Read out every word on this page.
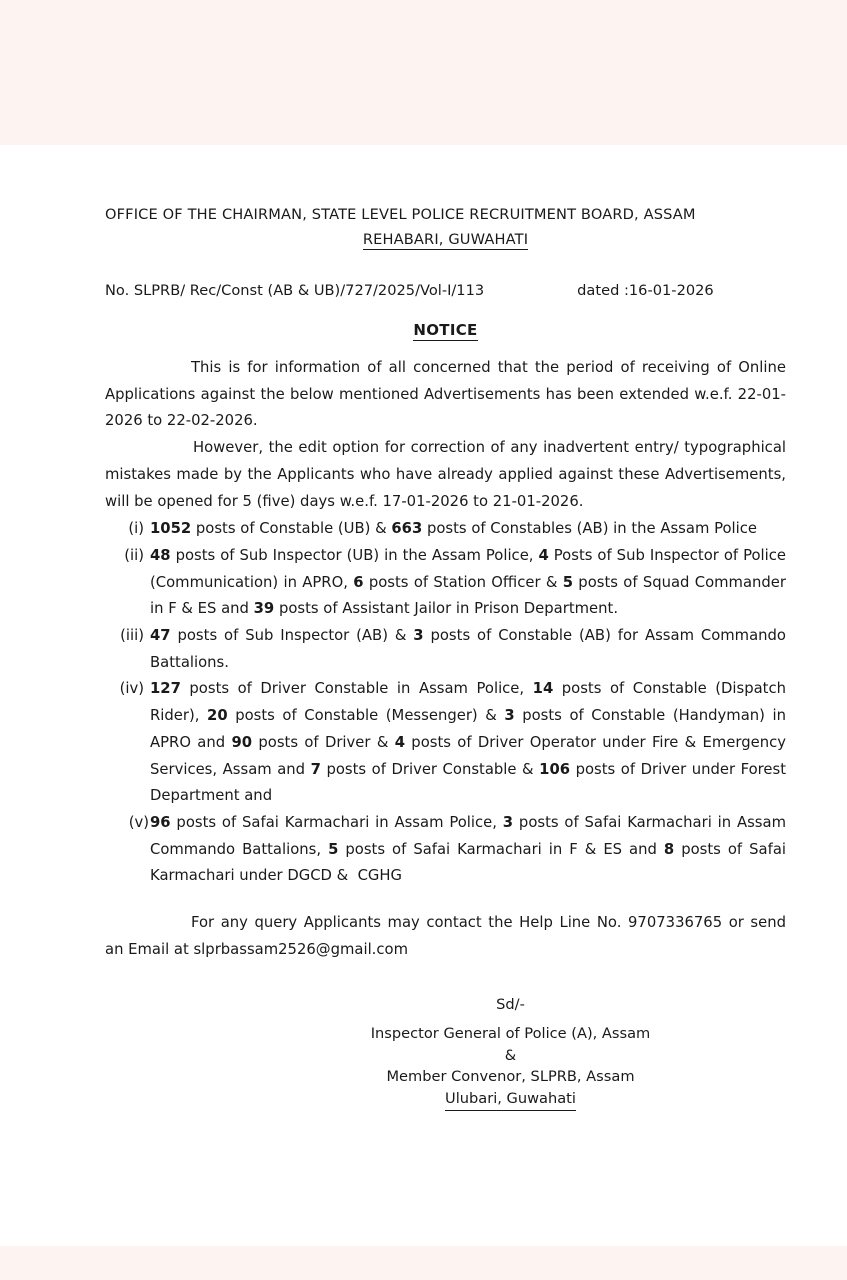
OFFICE OF THE CHAIRMAN, STATE LEVEL POLICE RECRUITMENT BOARD, ASSAM
REHABARI, GUWAHATI
No. SLPRB/ Rec/Const (AB & UB)/727/2025/Vol-I/113	dated :16-01-2026
NOTICE

This is for information of all concerned that the period of receiving of Online Applications against the below mentioned Advertisements has been extended w.e.f. 22-01-2026 to 22-02-2026.

However, the edit option for correction of any inadvertent entry/ typographical mistakes made by the Applicants who have already applied against these Advertisements, will be opened for 5 (five) days w.e.f. 17-01-2026 to 21-01-2026.

(i) 1052 posts of Constable (UB) & 663 posts of Constables (AB) in the Assam Police
(ii) 48 posts of Sub Inspector (UB) in the Assam Police, 4 Posts of Sub Inspector of Police (Communication) in APRO, 6 posts of Station Officer & 5 posts of Squad Commander in F & ES and 39 posts of Assistant Jailor in Prison Department.
(iii) 47 posts of Sub Inspector (AB) & 3 posts of Constable (AB) for Assam Commando Battalions.
(iv) 127 posts of Driver Constable in Assam Police, 14 posts of Constable (Dispatch Rider), 20 posts of Constable (Messenger) & 3 posts of Constable (Handyman) in APRO and 90 posts of Driver & 4 posts of Driver Operator under Fire & Emergency Services, Assam and 7 posts of Driver Constable & 106 posts of Driver under Forest Department and
(v) 96 posts of Safai Karmachari in Assam Police, 3 posts of Safai Karmachari in Assam Commando Battalions, 5 posts of Safai Karmachari in F & ES and 8 posts of Safai Karmachari under DGCD &  CGHG

For any query Applicants may contact the Help Line No. 9707336765 or send an Email at slprbassam2526@gmail.com

Sd/-
Inspector General of Police (A), Assam
&
Member Convenor, SLPRB, Assam
Ulubari, Guwahati
